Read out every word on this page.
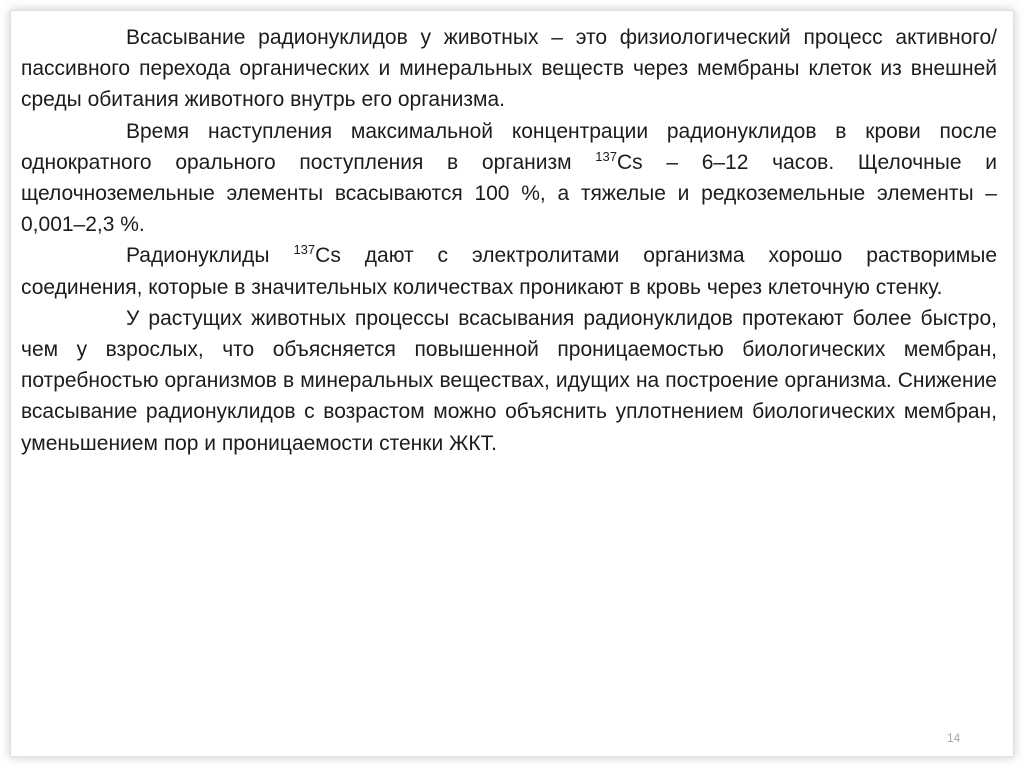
Всасывание радионуклидов у животных – это физиологический процесс активного/пассивного перехода органических и минеральных веществ через мембраны клеток из внешней среды обитания животного внутрь его организма.

Время наступления максимальной концентрации радионуклидов в крови после однократного орального поступления в организм $^{137}$Cs – 6–12 часов. Щелочные и щелочноземельные элементы всасываются 100 %, а тяжелые и редкоземельные элементы – 0,001–2,3 %.

Радионуклиды $^{137}$Cs дают с электролитами организма хорошо растворимые соединения, которые в значительных количествах проникают в кровь через клеточную стенку.

У растущих животных процессы всасывания радионуклидов протекают более быстро, чем у взрослых, что объясняется повышенной проницаемостью биологических мембран, потребностью организмов в минеральных веществах, идущих на построение организма. Снижение всасывание радионуклидов с возрастом можно объяснить уплотнением биологических мембран, уменьшением пор и проницаемости стенки ЖКТ.

14
